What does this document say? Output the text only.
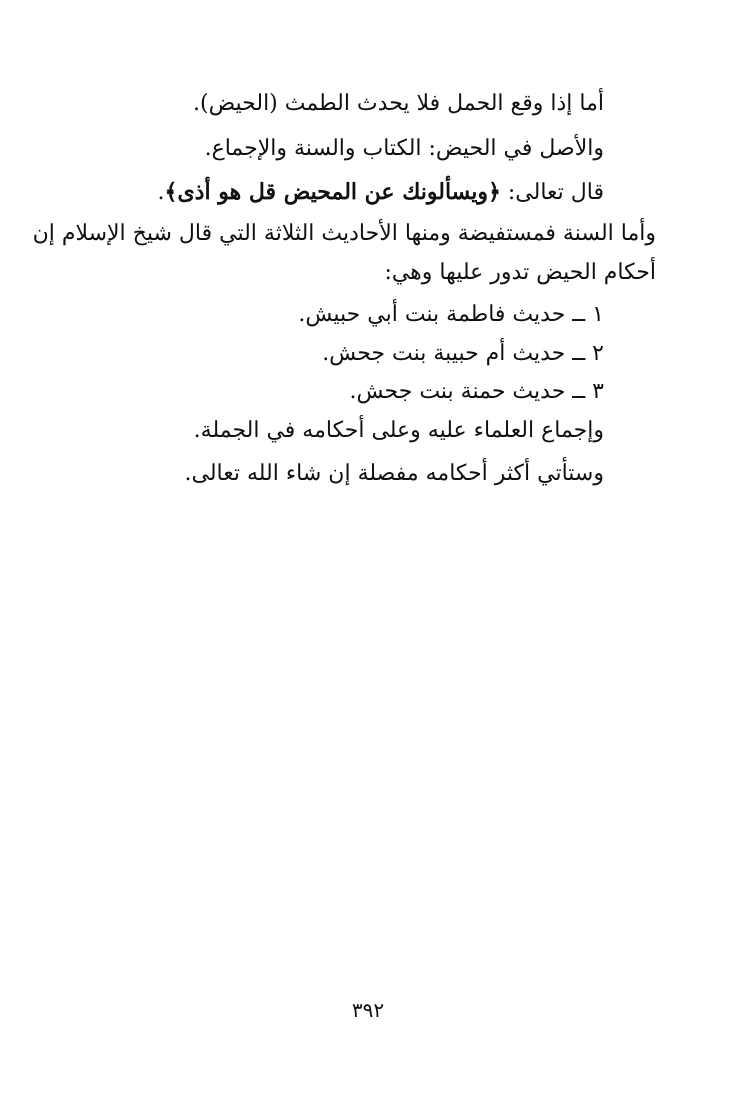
أما إذا وقع الحمل فلا يحدث الطمث (الحيض).
والأصل في الحيض: الكتاب والسنة والإجماع.
قال تعالى: ﴿ويسألونك عن المحيض قل هو أذى﴾.
وأما السنة فمستفيضة ومنها الأحاديث الثلاثة التي قال شيخ الإسلام إن
أحكام الحيض تدور عليها وهي:
١ ــ حديث فاطمة بنت أبي حبيش.
٢ ــ حديث أم حبيبة بنت جحش.
٣ ــ حديث حمنة بنت جحش.
وإجماع العلماء عليه وعلى أحكامه في الجملة.
وستأتي أكثر أحكامه مفصلة إن شاء الله تعالى.
٣٩٢
